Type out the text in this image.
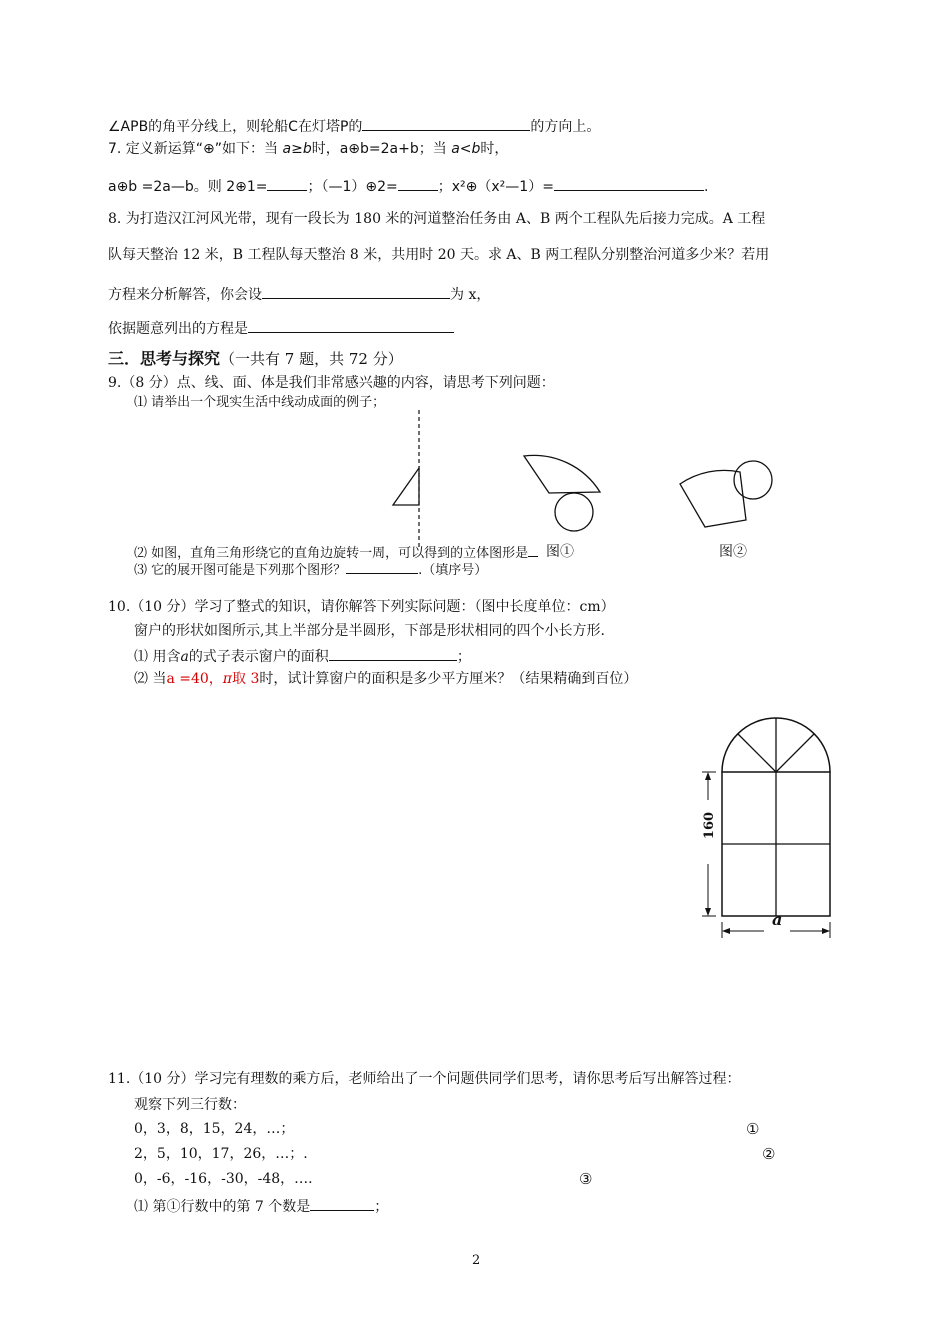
∠APB的角平分线上，则轮船C在灯塔P的	的方向上。
7. 定义新运算“⊕”如下：当 a≥b时，a⊕b=2a+b；当 a<b时，
a⊕b =2a—b。则 2⊕1=	；（—1）⊕2=	；x²⊕（x²—1）=	.
8. 为打造汉江河风光带，现有一段长为 180 米的河道整治任务由 A、B 两个工程队先后接力完成。A 工程
队每天整治 12 米，B 工程队每天整治 8 米，共用时 20 天。求 A、B 两工程队分别整治河道多少米？若用
方程来分析解答，你会设	为 x，
依据题意列出的方程是
三．思考与探究（一共有 7 题，共 72 分）
9.（8 分）点、线、面、体是我们非常感兴趣的内容，请思考下列问题：
⑴ 请举出一个现实生活中线动成面的例子；
⑵ 如图，直角三角形绕它的直角边旋转一周，可以得到的立体图形是	图①	图②
⑶ 它的展开图可能是下列那个图形？	.（填序号）
10.（10 分）学习了整式的知识，请你解答下列实际问题：（图中长度单位：cm）
窗户的形状如图所示,其上半部分是半圆形，下部是形状相同的四个小长方形.
⑴ 用含a的式子表示窗户的面积	；
⑵ 当a =40，π取 3时，试计算窗户的面积是多少平方厘米？（结果精确到百位）
160
a
11.（10 分）学习完有理数的乘方后，老师给出了一个问题供同学们思考，请你思考后写出解答过程：
观察下列三行数：
0，3，8，15，24，…；	①
2，5，10，17，26，…；.	②
0，-6，-16，-30，-48，….	③
⑴ 第①行数中的第 7 个数是	；
2
